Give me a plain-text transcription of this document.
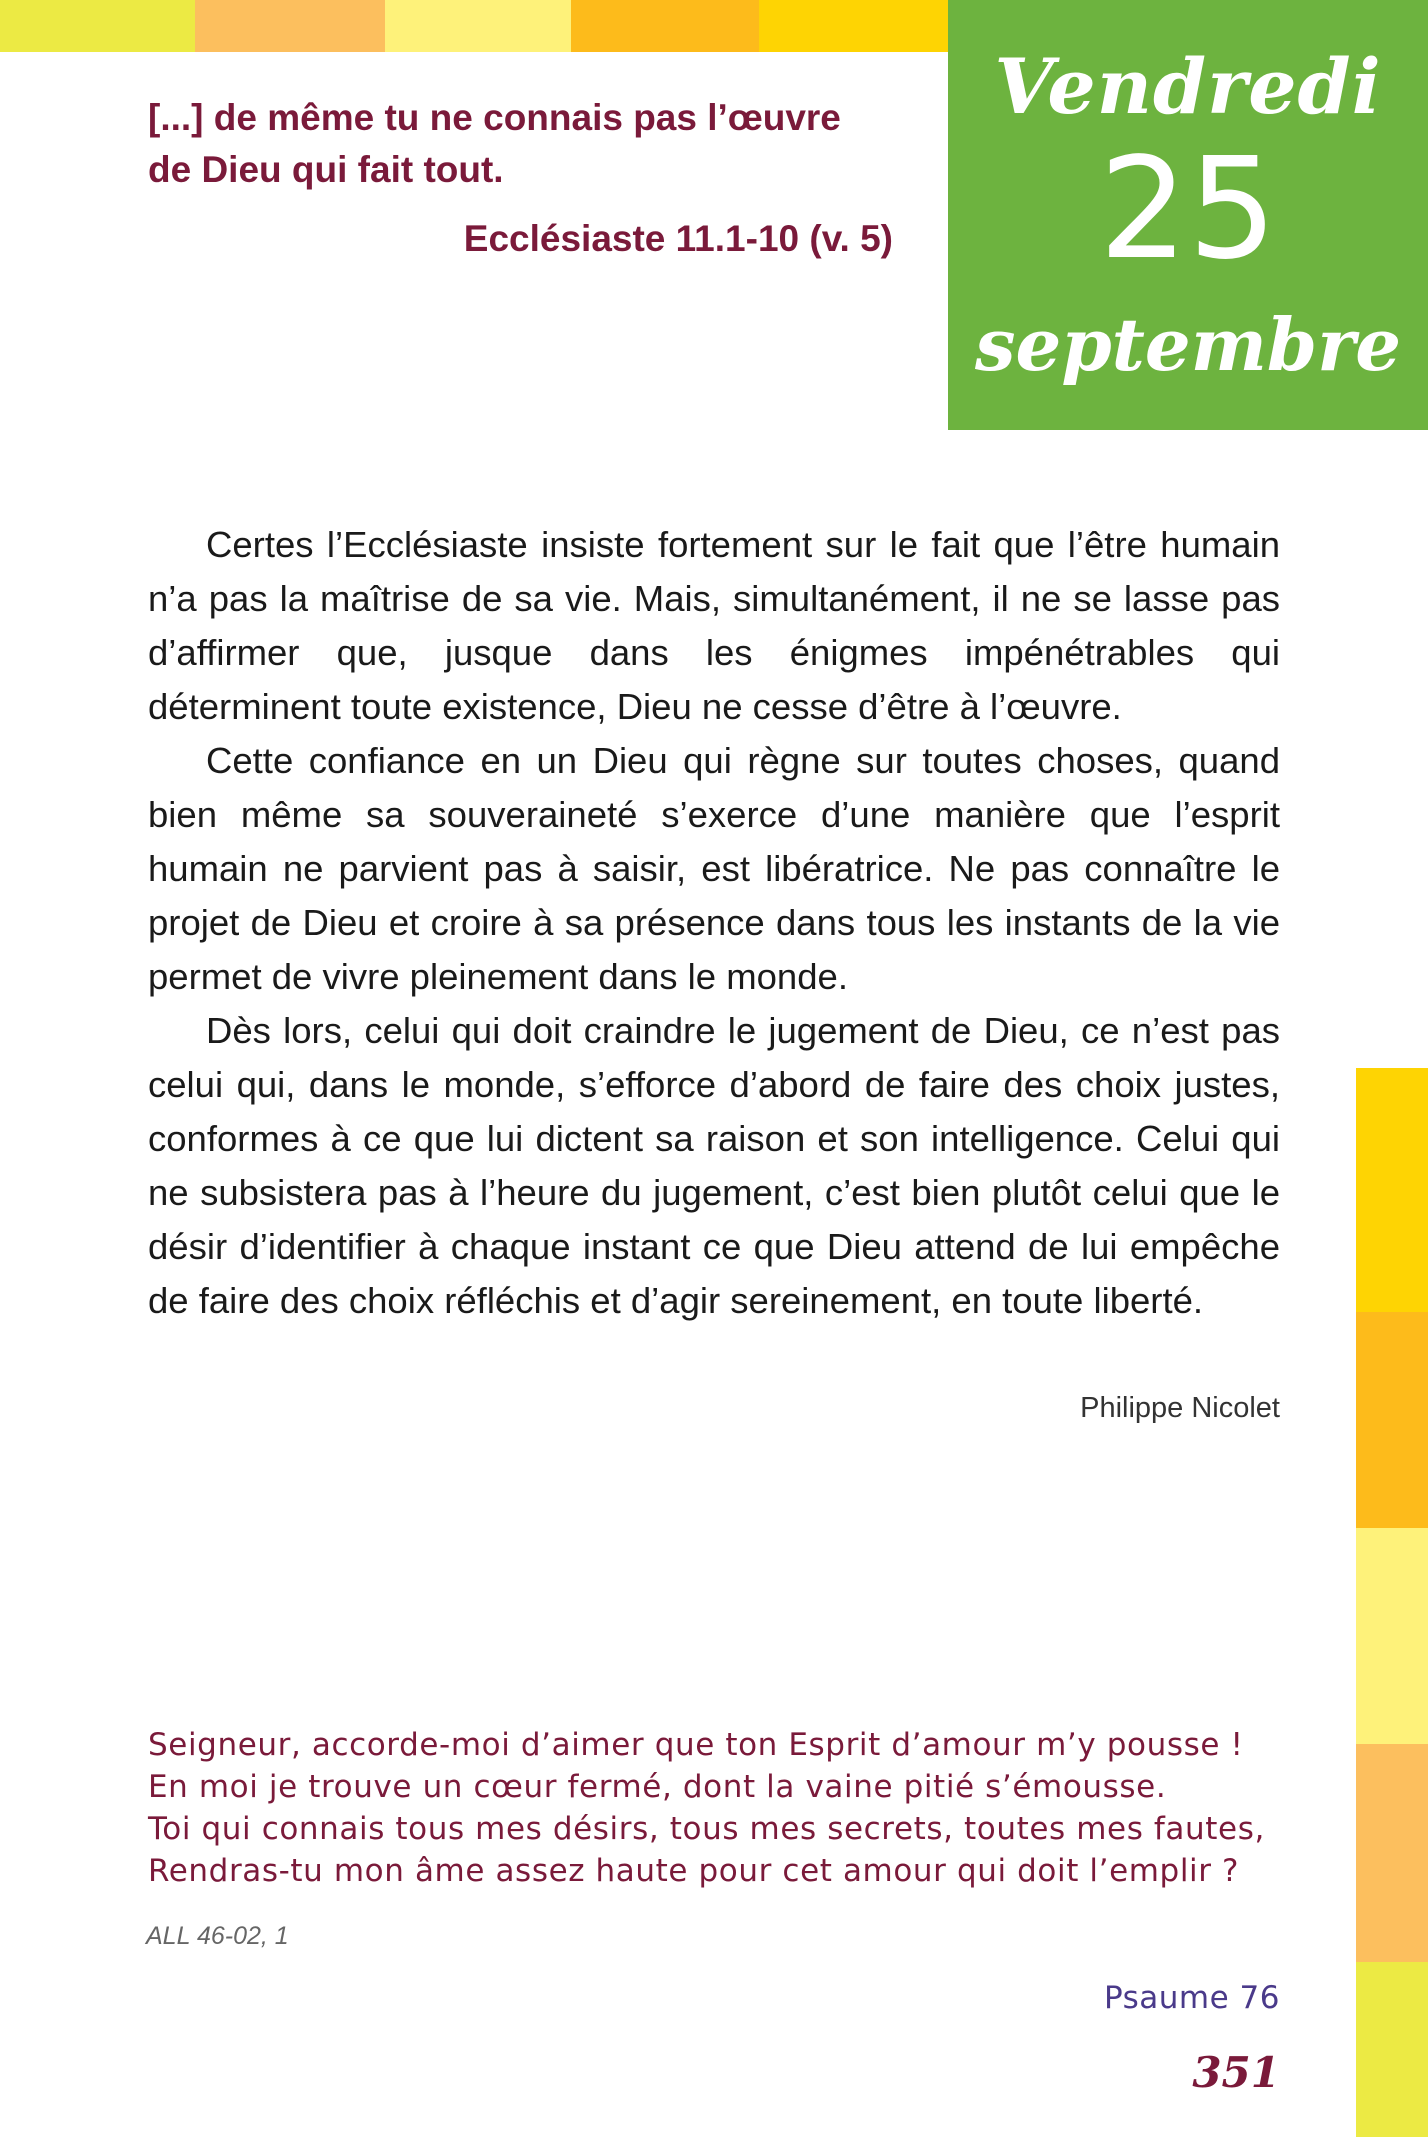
Vendredi
25
septembre
[...] de même tu ne connais pas l’œuvre de Dieu qui fait tout.
Ecclésiaste 11.1-10 (v. 5)

Certes l’Ecclésiaste insiste fortement sur le fait que l’être humain n’a pas la maîtrise de sa vie. Mais, simultanément, il ne se lasse pas d’affirmer que, jusque dans les énigmes impénétrables qui déterminent toute existence, Dieu ne cesse d’être à l’œuvre.

Cette confiance en un Dieu qui règne sur toutes choses, quand bien même sa souveraineté s’exerce d’une manière que l’esprit humain ne parvient pas à saisir, est libératrice. Ne pas connaître le projet de Dieu et croire à sa présence dans tous les instants de la vie permet de vivre pleinement dans le monde.

Dès lors, celui qui doit craindre le jugement de Dieu, ce n’est pas celui qui, dans le monde, s’efforce d’abord de faire des choix justes, conformes à ce que lui dictent sa raison et son intelligence. Celui qui ne subsistera pas à l’heure du jugement, c’est bien plutôt celui que le désir d’identifier à chaque instant ce que Dieu attend de lui empêche de faire des choix réfléchis et d’agir sereinement, en toute liberté.

Philippe Nicolet
Seigneur, accorde-moi d’aimer que ton Esprit d’amour m’y pousse !
En moi je trouve un cœur fermé, dont la vaine pitié s’émousse.
Toi qui connais tous mes désirs, tous mes secrets, toutes mes fautes,
Rendras-tu mon âme assez haute pour cet amour qui doit l’emplir ?
ALL 46-02, 1
Psaume 76
351
